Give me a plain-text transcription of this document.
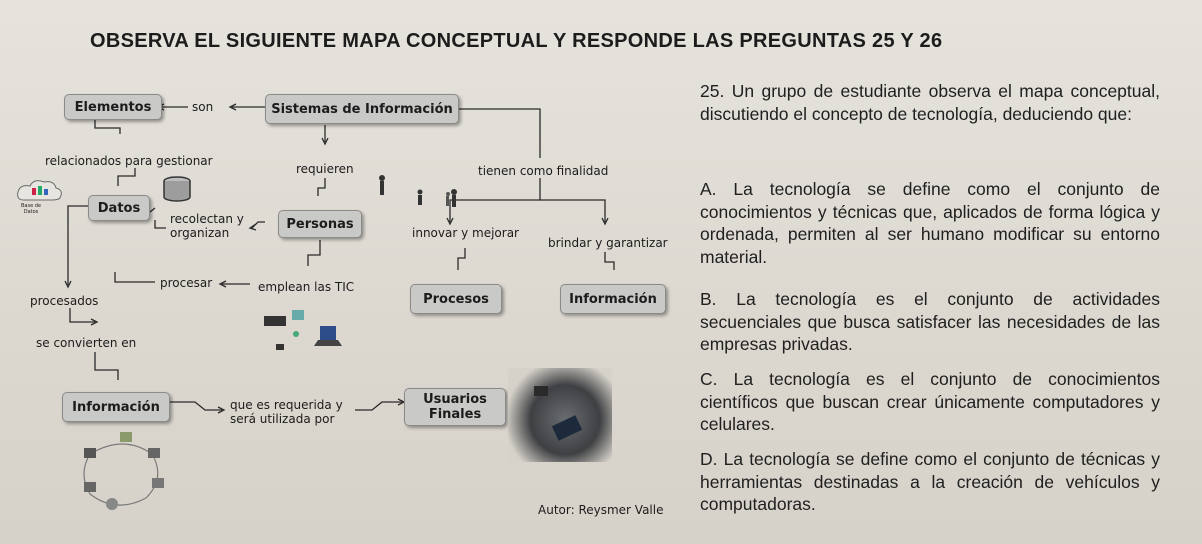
OBSERVA EL SIGUIENTE MAPA CONCEPTUAL Y RESPONDE LAS PREGUNTAS 25 Y 26
Elementos	son	Sistemas de Información
relacionados para gestionar
requieren	tienen como finalidad
Base de Datos	Datos
recolectan y organizan
Personas
innovar y mejorar
brindar y garantizar
procesar	emplean las TIC
procesados	Procesos	Información
se convierten en
Información	que es requerida y será utilizada por
Usuarios Finales
Autor: Reysmer Valle

25. Un grupo de estudiante observa el mapa conceptual, discutiendo el concepto de tecnología, deduciendo que:

A. La tecnología se define como el conjunto de conocimientos y técnicas que, aplicados de forma lógica y ordenada, permiten al ser humano modificar su entorno material.

B. La tecnología es el conjunto de actividades secuenciales que busca satisfacer las necesidades de las empresas privadas.

C. La tecnología es el conjunto de conocimientos científicos que buscan crear únicamente computadores y celulares.

D. La tecnología se define como el conjunto de técnicas y herramientas destinadas a la creación de vehículos y computadoras.
